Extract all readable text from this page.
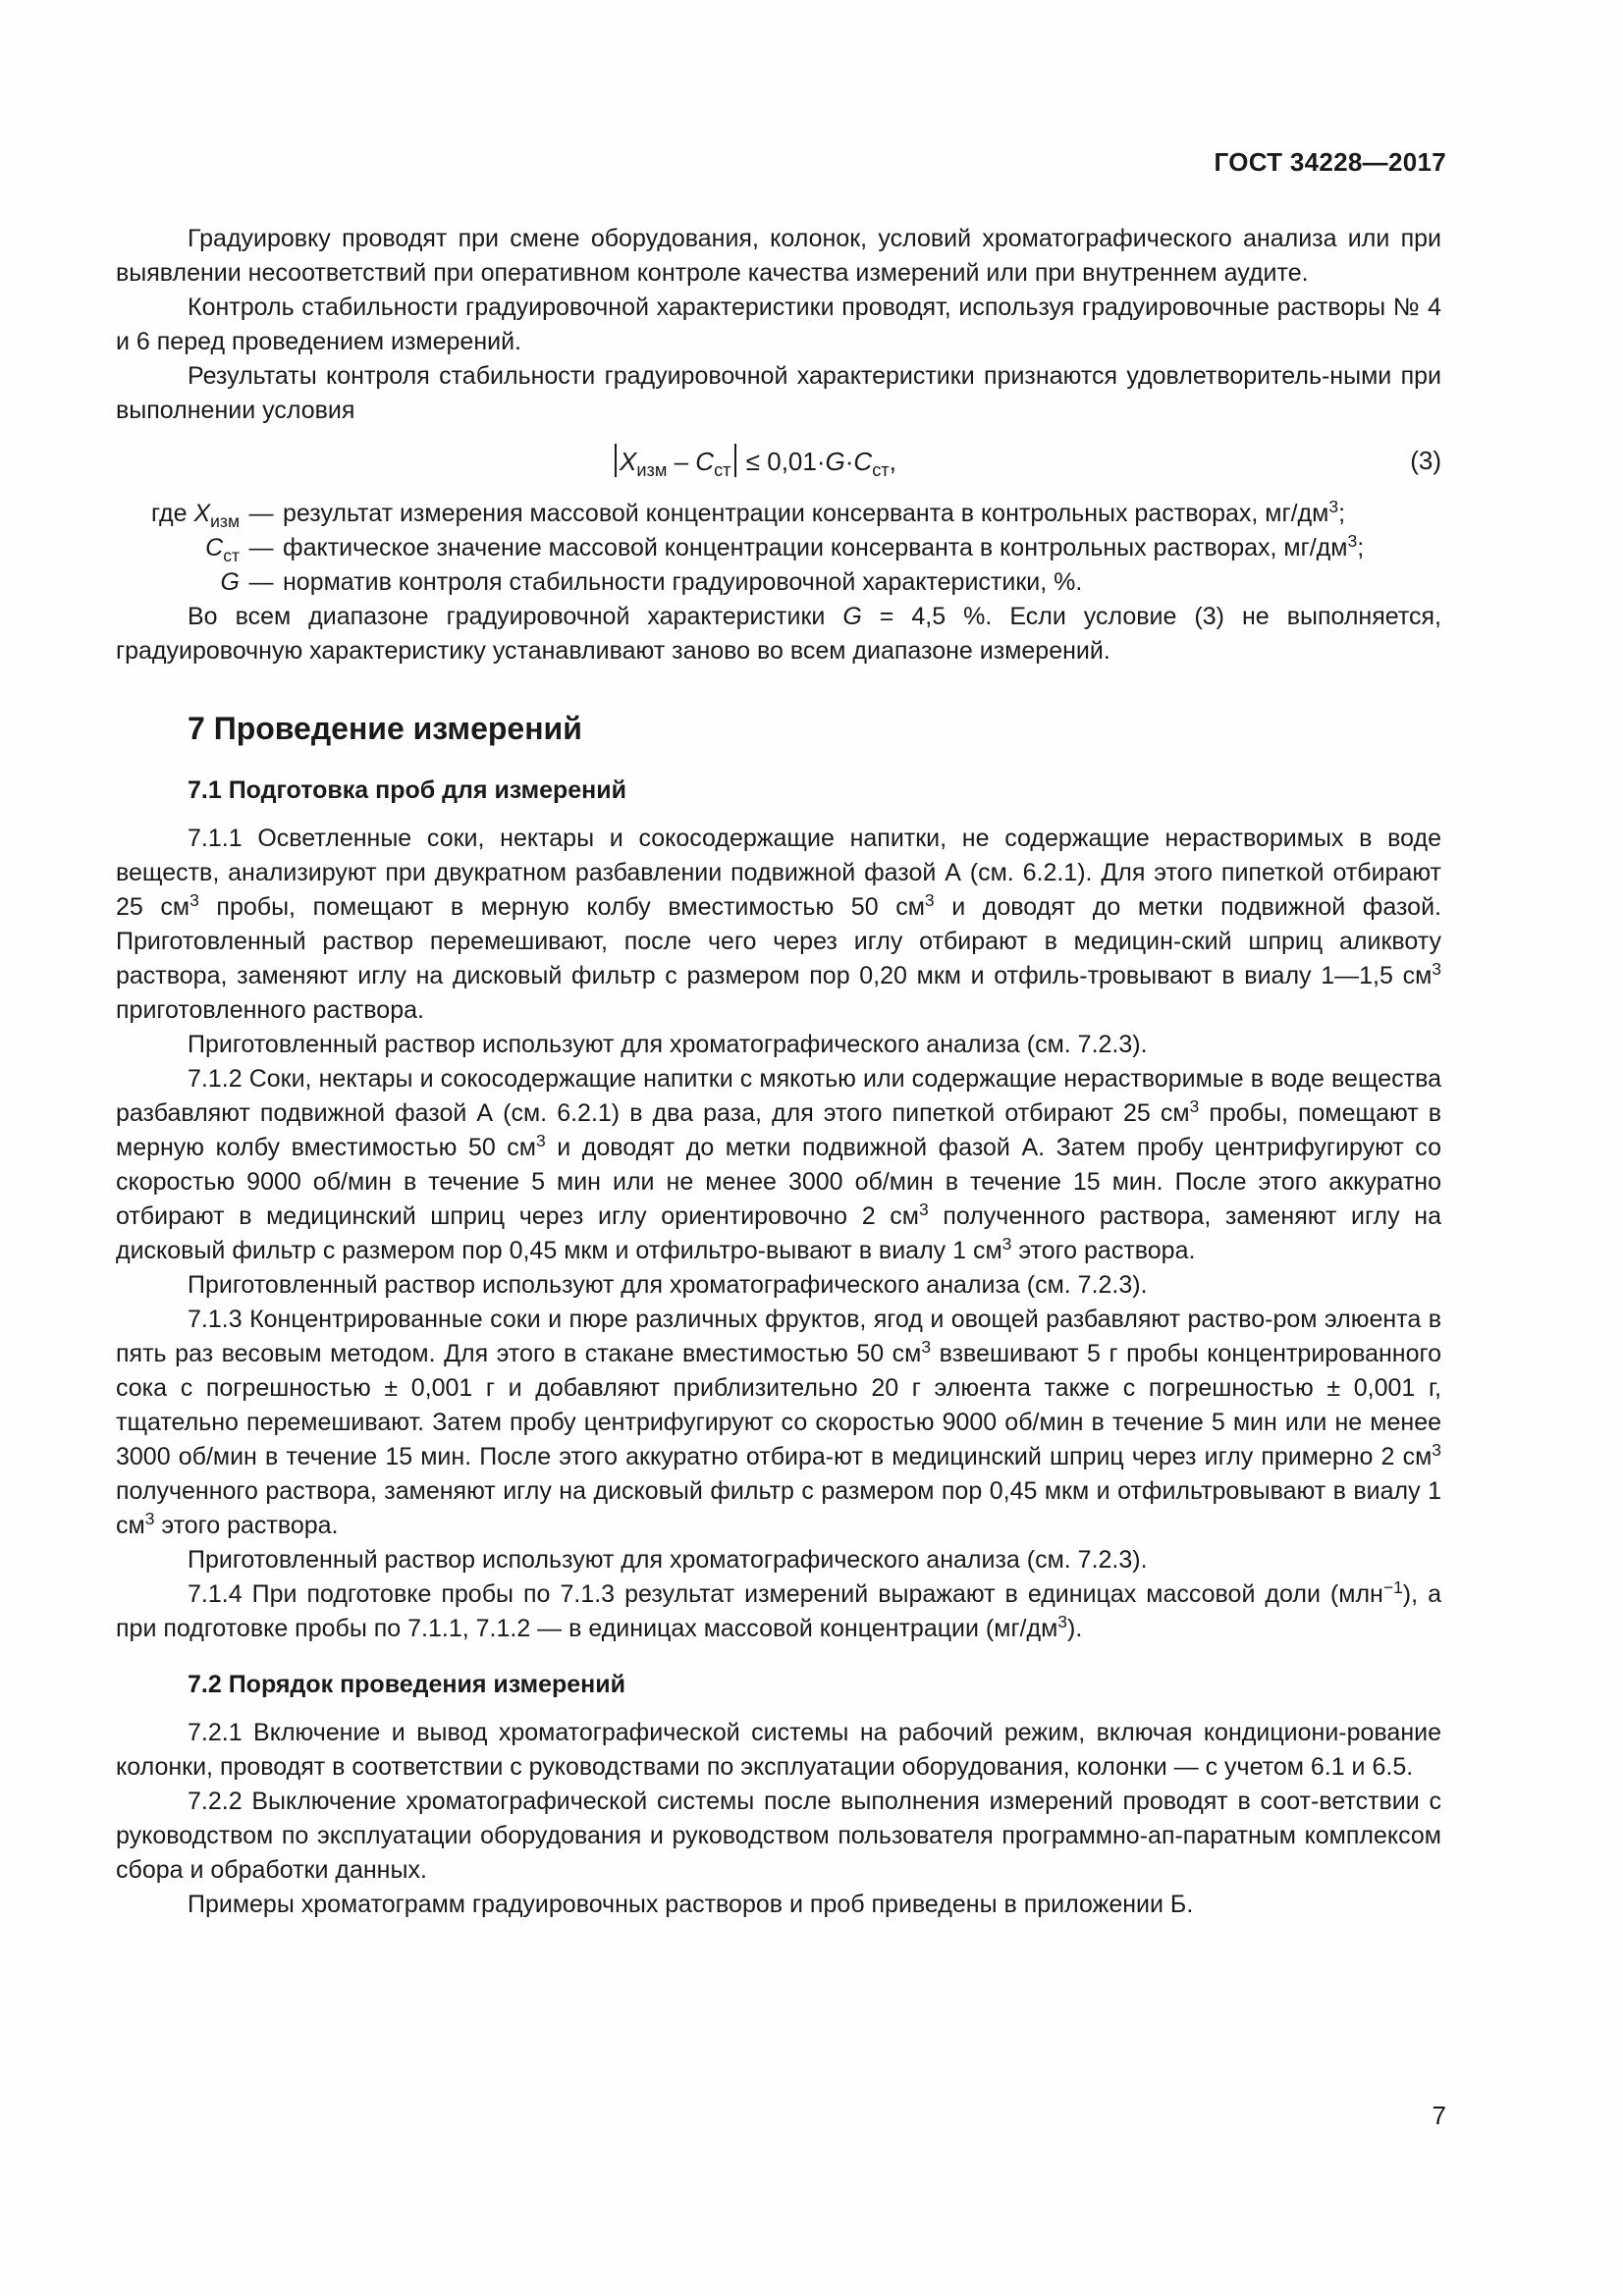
ГОСТ 34228—2017

Градуировку проводят при смене оборудования, колонок, условий хроматографического анализа или при выявлении несоответствий при оперативном контроле качества измерений или при внутреннем аудите.

Контроль стабильности градуировочной характеристики проводят, используя градуировочные растворы № 4 и 6 перед проведением измерений.

Результаты контроля стабильности градуировочной характеристики признаются удовлетворитель-ными при выполнении условия

$X_{изм} - C_{ст} \le 0,01\cdot G\cdot C_{ст}$,	(3)
где $X_{изм}$ — результат измерения массовой концентрации консерванта в контрольных растворах, $мг/дм^3$;
$C_{ст}$ — фактическое значение массовой концентрации консерванта в контрольных растворах, $мг/дм^3$;
G — норматив контроля стабильности градуировочной характеристики, %.

Во всем диапазоне градуировочной характеристики G = 4,5 %. Если условие (3) не выполняется, градуировочную характеристику устанавливают заново во всем диапазоне измерений.

7 Проведение измерений
7.1 Подготовка проб для измерений

7.1.1 Осветленные соки, нектары и сокосодержащие напитки, не содержащие нерастворимых в воде веществ, анализируют при двукратном разбавлении подвижной фазой А (см. 6.2.1). Для этого пипеткой отбирают 25 $см^3$ пробы, помещают в мерную колбу вместимостью 50 $см^3$ и доводят до метки подвижной фазой. Приготовленный раствор перемешивают, после чего через иглу отбирают в медицин-ский шприц аликвоту раствора, заменяют иглу на дисковый фильтр с размером пор 0,20 мкм и отфиль-тровывают в виалу 1—1,5 $см^3$ приготовленного раствора.

Приготовленный раствор используют для хроматографического анализа (см. 7.2.3).

7.1.2 Соки, нектары и сокосодержащие напитки с мякотью или содержащие нерастворимые в воде вещества разбавляют подвижной фазой А (см. 6.2.1) в два раза, для этого пипеткой отбирают 25 $см^3$ пробы, помещают в мерную колбу вместимостью 50 $см^3$ и доводят до метки подвижной фазой А. Затем пробу центрифугируют со скоростью 9000 об/мин в течение 5 мин или не менее 3000 об/мин в течение 15 мин. После этого аккуратно отбирают в медицинский шприц через иглу ориентировочно 2 $см^3$ полученного раствора, заменяют иглу на дисковый фильтр с размером пор 0,45 мкм и отфильтро-вывают в виалу 1 $см^3$ этого раствора.

Приготовленный раствор используют для хроматографического анализа (см. 7.2.3).

7.1.3 Концентрированные соки и пюре различных фруктов, ягод и овощей разбавляют раство-ром элюента в пять раз весовым методом. Для этого в стакане вместимостью 50 $см^3$ взвешивают 5 г пробы концентрированного сока с погрешностью ± 0,001 г и добавляют приблизительно 20 г элюента также с погрешностью ± 0,001 г, тщательно перемешивают. Затем пробу центрифугируют со скоростью 9000 об/мин в течение 5 мин или не менее 3000 об/мин в течение 15 мин. После этого аккуратно отбира-ют в медицинский шприц через иглу примерно 2 $см^3$ полученного раствора, заменяют иглу на дисковый фильтр с размером пор 0,45 мкм и отфильтровывают в виалу 1 $см^3$ этого раствора.

Приготовленный раствор используют для хроматографического анализа (см. 7.2.3).

7.1.4 При подготовке пробы по 7.1.3 результат измерений выражают в единицах массовой доли (млн$^{-1}$), а при подготовке пробы по 7.1.1, 7.1.2 — в единицах массовой концентрации $(мг/дм^3)$.

7.2 Порядок проведения измерений

7.2.1 Включение и вывод хроматографической системы на рабочий режим, включая кондициони-рование колонки, проводят в соответствии с руководствами по эксплуатации оборудования, колонки — с учетом 6.1 и 6.5.

7.2.2 Выключение хроматографической системы после выполнения измерений проводят в соот-ветствии с руководством по эксплуатации оборудования и руководством пользователя программно-ап-паратным комплексом сбора и обработки данных.

Примеры хроматограмм градуировочных растворов и проб приведены в приложении Б.

7
